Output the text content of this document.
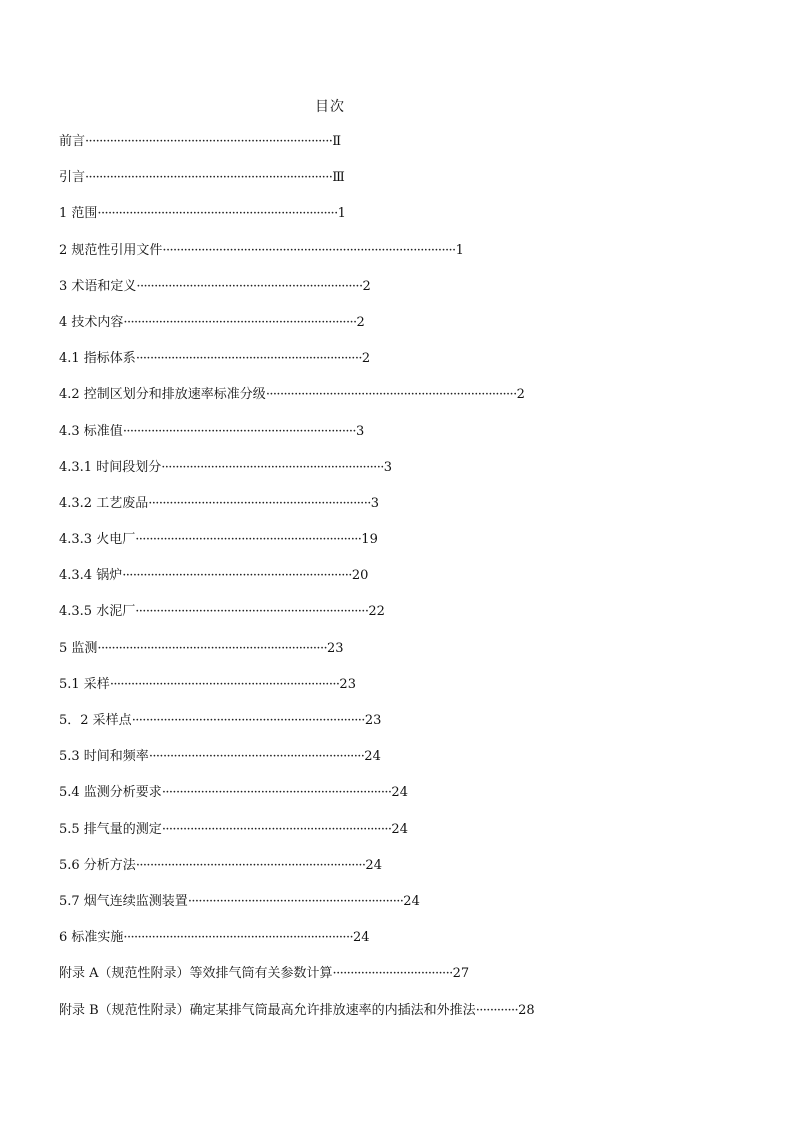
目次
前言······································································Ⅱ
引言······································································Ⅲ
1 范围····································································1
2 规范性引用文件···················································································1
3 术语和定义································································2
4 技术内容··································································2
4.1 指标体系································································2
4.2 控制区划分和排放速率标准分级·······································································2
4.3 标准值··································································3
4.3.1 时间段划分·······························································3
4.3.2 工艺废品·······························································3
4.3.3 火电厂································································19
4.3.4 锅炉·································································20
4.3.5 水泥厂··································································22
5 监测·································································23
5.1 采样·································································23
5．2 采样点··································································23
5.3 时间和频率·····························································24
5.4 监测分析要求·································································24
5.5 排气量的测定·································································24
5.6 分析方法·································································24
5.7 烟气连续监测装置·····························································24
6 标准实施·································································24
附录 A（规范性附录）等效排气筒有关参数计算··································27
附录 B（规范性附录）确定某排气筒最高允许排放速率的内插法和外推法············28
